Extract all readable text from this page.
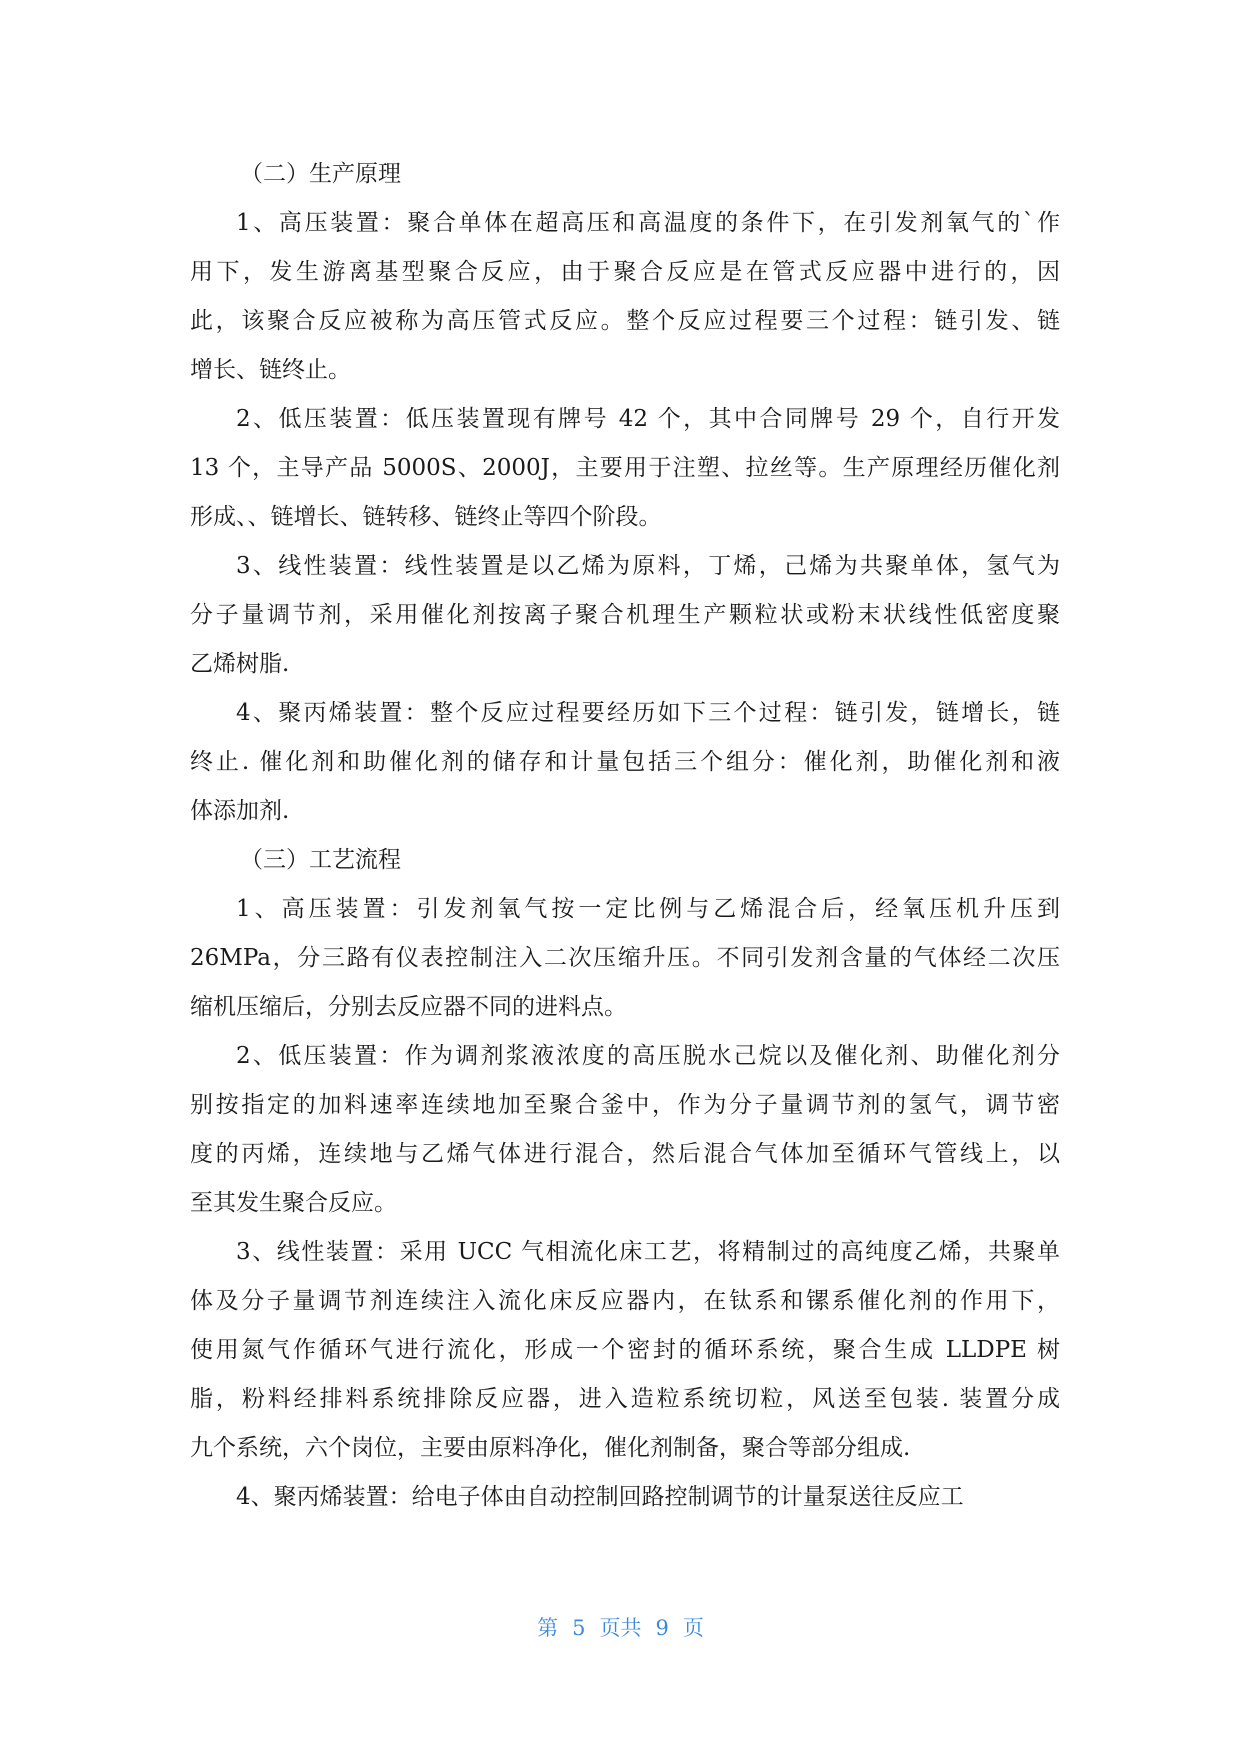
（二）生产原理
1、高压装置：聚合单体在超高压和高温度的条件下，在引发剂氧气的`作
用下，发生游离基型聚合反应，由于聚合反应是在管式反应器中进行的，因
此，该聚合反应被称为高压管式反应。整个反应过程要三个过程：链引发、链
增长、链终止。
2、低压装置：低压装置现有牌号 42 个，其中合同牌号 29 个，自行开发
13 个，主导产品 5000S、2000J，主要用于注塑、拉丝等。生产原理经历催化剂
形成、、链增长、链转移、链终止等四个阶段。
3、线性装置：线性装置是以乙烯为原料，丁烯，己烯为共聚单体，氢气为
分子量调节剂，采用催化剂按离子聚合机理生产颗粒状或粉末状线性低密度聚
乙烯树脂.
4、聚丙烯装置：整个反应过程要经历如下三个过程：链引发，链增长，链
终止. 催化剂和助催化剂的储存和计量包括三个组分：催化剂，助催化剂和液
体添加剂.
（三）工艺流程
1、高压装置：引发剂氧气按一定比例与乙烯混合后，经氧压机升压到
26MPa，分三路有仪表控制注入二次压缩升压。不同引发剂含量的气体经二次压
缩机压缩后，分别去反应器不同的进料点。
2、低压装置：作为调剂浆液浓度的高压脱水己烷以及催化剂、助催化剂分
别按指定的加料速率连续地加至聚合釜中，作为分子量调节剂的氢气，调节密
度的丙烯，连续地与乙烯气体进行混合，然后混合气体加至循环气管线上，以
至其发生聚合反应。
3、线性装置：采用 UCC 气相流化床工艺，将精制过的高纯度乙烯，共聚单
体及分子量调节剂连续注入流化床反应器内，在钛系和镙系催化剂的作用下，
使用氮气作循环气进行流化，形成一个密封的循环系统，聚合生成 LLDPE 树
脂，粉料经排料系统排除反应器，进入造粒系统切粒，风送至包装. 装置分成
九个系统，六个岗位，主要由原料净化，催化剂制备，聚合等部分组成.
4、聚丙烯装置：给电子体由自动控制回路控制调节的计量泵送往反应工
第 5 页共 9 页
